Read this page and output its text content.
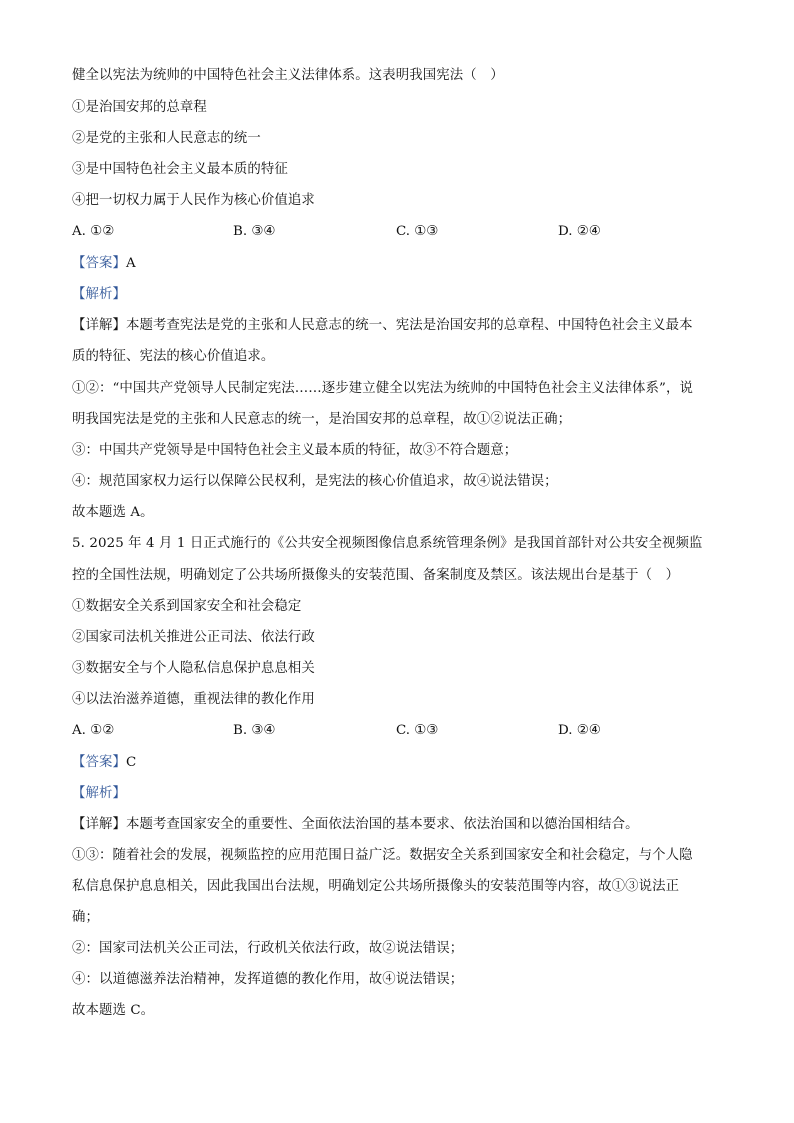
健全以宪法为统帅的中国特色社会主义法律体系。这表明我国宪法（　）
①是治国安邦的总章程
②是党的主张和人民意志的统一
③是中国特色社会主义最本质的特征
④把一切权力属于人民作为核心价值追求
A. ①②	B. ③④	C. ①③	D. ②④
【答案】A
【解析】
【详解】本题考查宪法是党的主张和人民意志的统一、宪法是治国安邦的总章程、中国特色社会主义最本
质的特征、宪法的核心价值追求。
①②：“中国共产党领导人民制定宪法……逐步建立健全以宪法为统帅的中国特色社会主义法律体系”，说
明我国宪法是党的主张和人民意志的统一，是治国安邦的总章程，故①②说法正确；
③：中国共产党领导是中国特色社会主义最本质的特征，故③不符合题意；
④：规范国家权力运行以保障公民权利，是宪法的核心价值追求，故④说法错误；
故本题选 A。
5. 2025 年 4 月 1 日正式施行的《公共安全视频图像信息系统管理条例》是我国首部针对公共安全视频监
控的全国性法规，明确划定了公共场所摄像头的安装范围、备案制度及禁区。该法规出台是基于（　）
①数据安全关系到国家安全和社会稳定
②国家司法机关推进公正司法、依法行政
③数据安全与个人隐私信息保护息息相关
④以法治滋养道德，重视法律的教化作用
A. ①②	B. ③④	C. ①③	D. ②④
【答案】C
【解析】
【详解】本题考查国家安全的重要性、全面依法治国的基本要求、依法治国和以德治国相结合。
①③：随着社会的发展，视频监控的应用范围日益广泛。数据安全关系到国家安全和社会稳定，与个人隐
私信息保护息息相关，因此我国出台法规，明确划定公共场所摄像头的安装范围等内容，故①③说法正
确；
②：国家司法机关公正司法，行政机关依法行政，故②说法错误；
④：以道德滋养法治精神，发挥道德的教化作用，故④说法错误；
故本题选 C。
